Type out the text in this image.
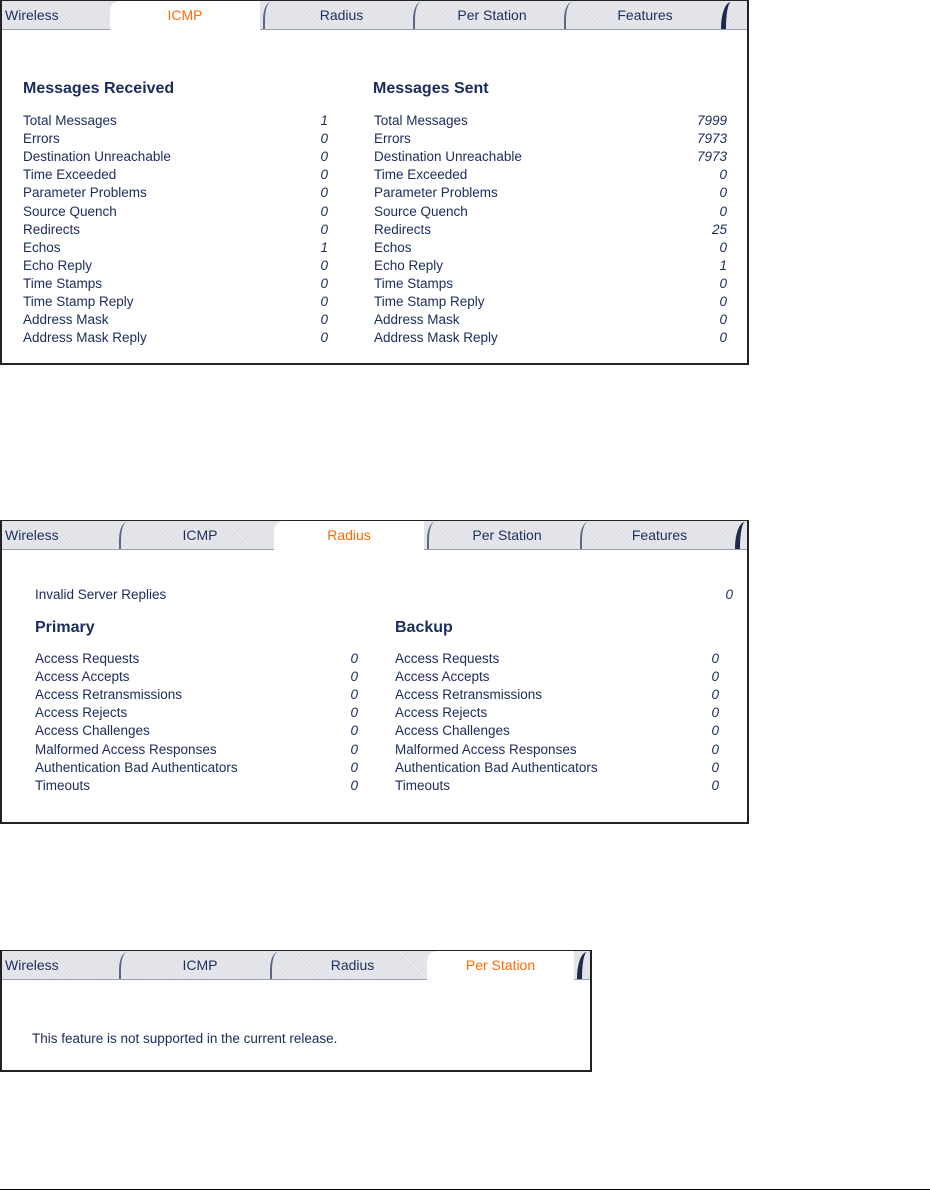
Wireless	ICMP	Radius	Per Station	Features
Messages Received	Messages Sent
Total Messages	1
Errors	0
Destination Unreachable	0
Time Exceeded	0
Parameter Problems	0
Source Quench	0
Redirects	0
Echos	1
Echo Reply	0
Time Stamps	0
Time Stamp Reply	0
Address Mask	0
Address Mask Reply	0
Total Messages	7999
Errors	7973
Destination Unreachable	7973
Time Exceeded	0
Parameter Problems	0
Source Quench	0
Redirects	25
Echos	0
Echo Reply	1
Time Stamps	0
Time Stamp Reply	0
Address Mask	0
Address Mask Reply	0
Wireless	ICMP	Radius	Per Station	Features
Invalid Server Replies	0
Primary	Backup
Access Requests	0
Access Accepts	0
Access Retransmissions	0
Access Rejects	0
Access Challenges	0
Malformed Access Responses	0
Authentication Bad Authenticators	0
Timeouts	0
Access Requests	0
Access Accepts	0
Access Retransmissions	0
Access Rejects	0
Access Challenges	0
Malformed Access Responses	0
Authentication Bad Authenticators	0
Timeouts	0
Wireless	ICMP	Radius	Per Station
This feature is not supported in the current release.
